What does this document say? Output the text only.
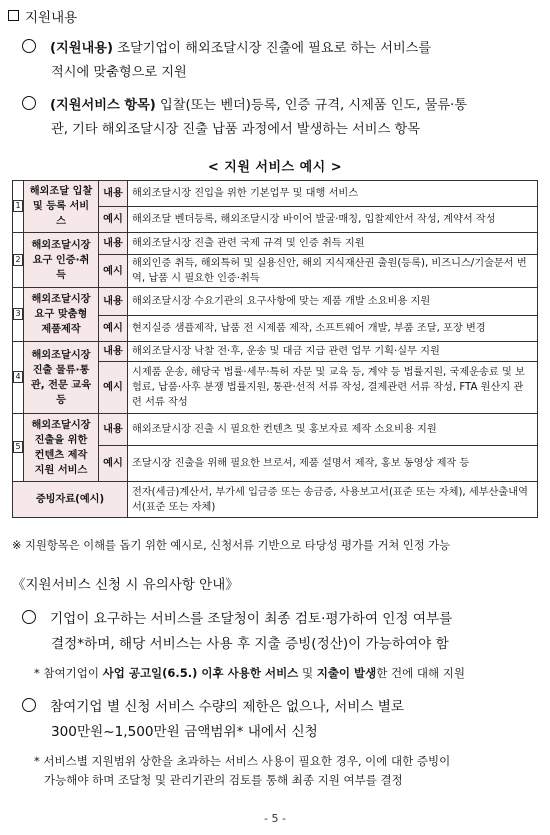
지원내용
(지원내용) 조달기업이 해외조달시장 진출에 필요로 하는 서비스를
적시에 맞춤형으로 지원
(지원서비스 항목) 입찰(또는 벤더)등록, 인증 규격, 시제품 인도, 물류·통
관, 기타 해외조달시장 진출 납품 과정에서 발생하는 서비스 항목
< 지원 서비스 예시 >
1	해외조달 입찰 및 등록 서비스	내용	해외조달시장 진입을 위한 기본업무 및 대행 서비스
		예시	해외조달 벤더등록, 해외조달시장 바이어 발굴·매칭, 입찰제안서 작성, 계약서 작성
2	해외조달시장 요구 인증·취득	내용	해외조달시장 진출 관련 국제 규격 및 인증 취득 지원
		예시	해외인증 취득, 해외특허 및 실용신안, 해외 지식재산권 출원(등록), 비즈니스/기술문서 번역, 납품 시 필요한 인증·취득
3	해외조달시장 요구 맞춤형 제품제작	내용	해외조달시장 수요기관의 요구사항에 맞는 제품 개발 소요비용 지원
		예시	현지실증 샘플제작, 납품 전 시제품 제작, 소프트웨어 개발, 부품 조달, 포장 변경
4	해외조달시장 진출 물류·통관, 전문 교육 등	내용	해외조달시장 낙찰 전·후, 운송 및 대금 지급 관련 업무 기획·실무 지원
		예시	시제품 운송, 해당국 법률·세무·특허 자문 및 교육 등, 계약 등 법률지원, 국제운송료 및 보험료, 납품·사후 분쟁 법률지원, 통관·선적 서류 작성, 결제관련 서류 작성, FTA 원산지 관련 서류 작성
5	해외조달시장 진출을 위한 컨텐츠 제작 지원 서비스	내용	해외조달시장 진출 시 필요한 컨텐츠 및 홍보자료 제작 소요비용 지원
		예시	조달시장 진출을 위해 필요한 브로셔, 제품 설명서 제작, 홍보 동영상 제작 등
증빙자료(예시)			전자(세금)계산서, 부가세 입금증 또는 송금증, 사용보고서(표준 또는 자체), 세부산출내역서(표준 또는 자체)
※ 지원항목은 이해를 돕기 위한 예시로, 신청서류 기반으로 타당성 평가를 거쳐 인정 가능
《지원서비스 신청 시 유의사항 안내》
기업이 요구하는 서비스를 조달청이 최종 검토·평가하여 인정 여부를
결정*하며, 해당 서비스는 사용 후 지출 증빙(정산)이 가능하여야 함
* 참여기업이 사업 공고일(6.5.) 이후 사용한 서비스 및 지출이 발생한 건에 대해 지원
참여기업 별 신청 서비스 수량의 제한은 없으나, 서비스 별로
300만원~1,500만원 금액범위* 내에서 신청
* 서비스별 지원범위 상한을 초과하는 서비스 사용이 필요한 경우, 이에 대한 증빙이
가능해야 하며 조달청 및 관리기관의 검토를 통해 최종 지원 여부를 결정
- 5 -
